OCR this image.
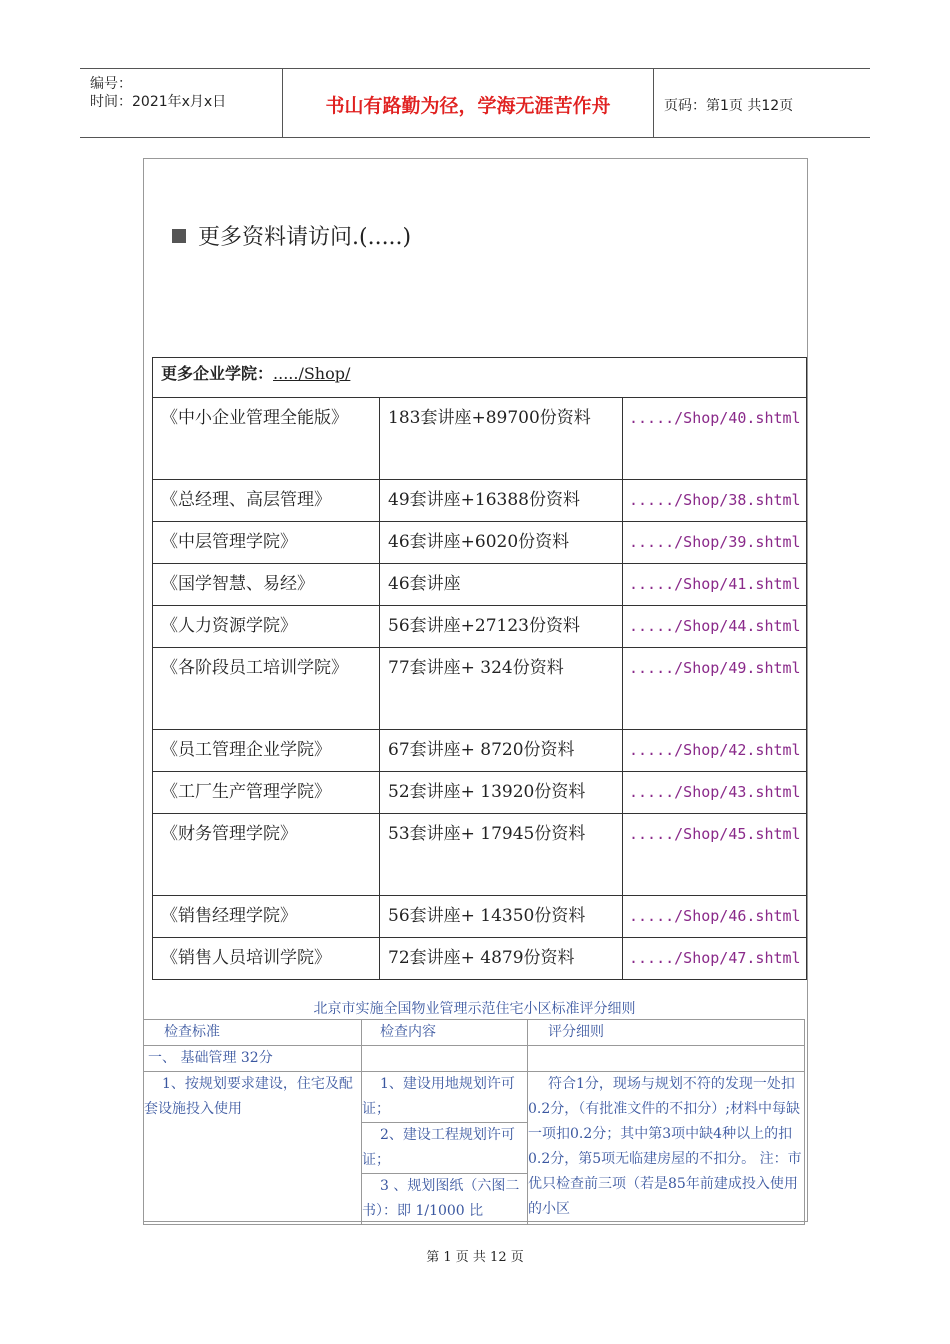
编号：
时间：2021年x月x日	书山有路勤为径，学海无涯苦作舟	页码：第1页 共12页
更多资料请访问.(.....)
更多企业学院：...../Shop/		
《中小企业管理全能版》	183套讲座+89700份资料	...../Shop/40.shtml
《总经理、高层管理》	49套讲座+16388份资料	...../Shop/38.shtml
《中层管理学院》	46套讲座+6020份资料	...../Shop/39.shtml
《国学智慧、易经》	46套讲座	...../Shop/41.shtml
《人力资源学院》	56套讲座+27123份资料	...../Shop/44.shtml
《各阶段员工培训学院》	77套讲座+ 324份资料	...../Shop/49.shtml
《员工管理企业学院》	67套讲座+ 8720份资料	...../Shop/42.shtml
《工厂生产管理学院》	52套讲座+ 13920份资料	...../Shop/43.shtml
《财务管理学院》	53套讲座+ 17945份资料	...../Shop/45.shtml
《销售经理学院》	56套讲座+ 14350份资料	...../Shop/46.shtml
《销售人员培训学院》	72套讲座+ 4879份资料	...../Shop/47.shtml
北京市实施全国物业管理示范住宅小区标准评分细则
检查标准	检查内容	评分细则
一、 基础管理 32分		
1、按规划要求建设，住宅及配套设施投入使用	1、建设用地规划许可证；	符合1分，现场与规划不符的发现一处扣0.2分，（有批准文件的不扣分）;材料中每缺一项扣0.2分；其中第3项中缺4种以上的扣0.2分，第5项无临建房屋的不扣分。 注：市优只检查前三项（若是85年前建成投入使用的小区
	2、建设工程规划许可证；	
	3 、规划图纸（六图二书）：即 1/1000 比	
第 1 页 共 12 页
